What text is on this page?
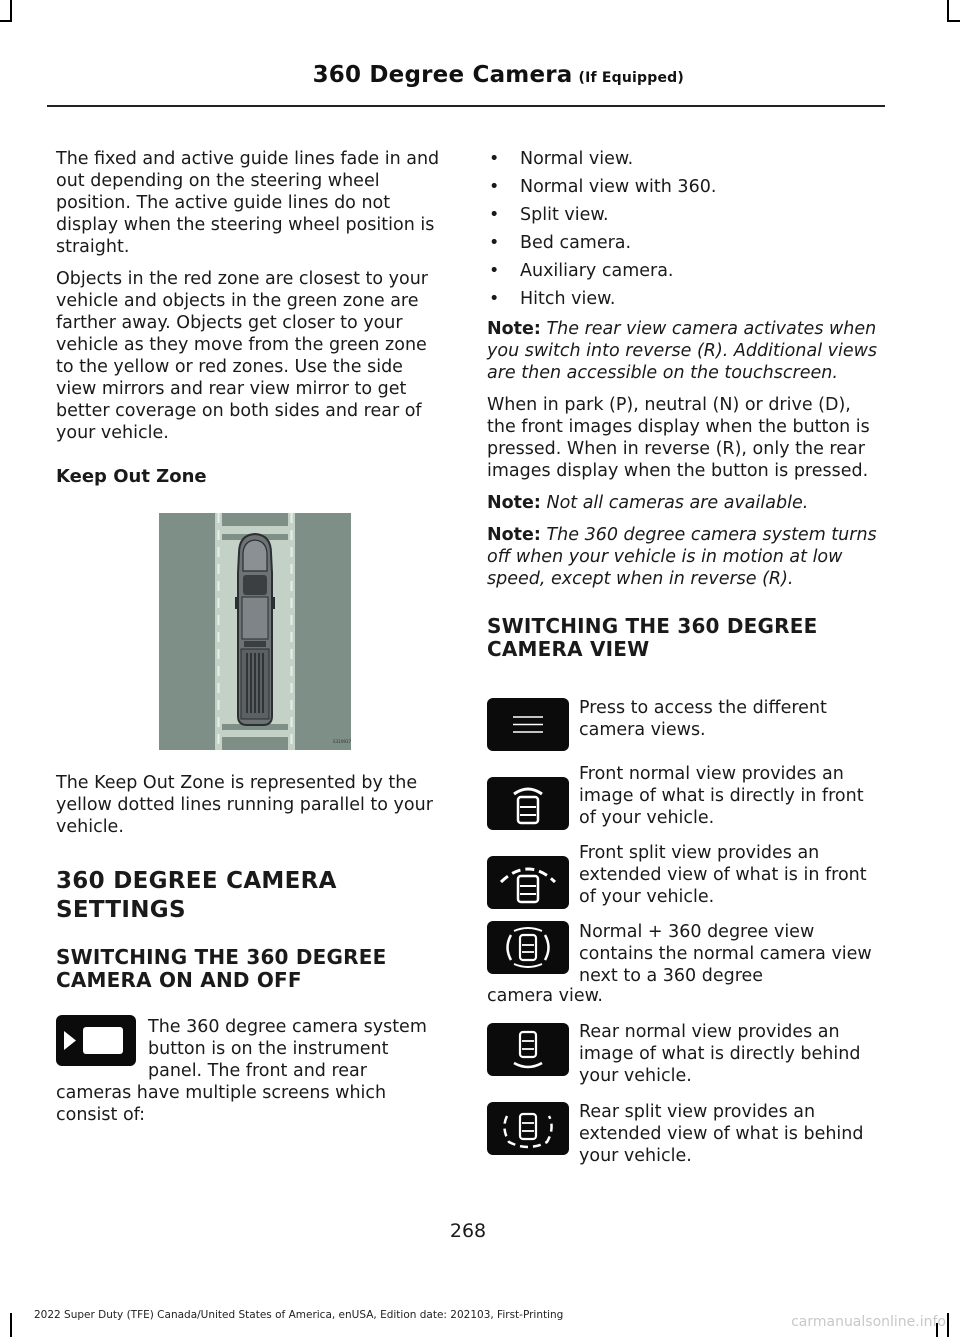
360 Degree Camera (If Equipped)

The fixed and active guide lines fade in and out depending on the steering wheel position. The active guide lines do not display when the steering wheel position is straight.

Objects in the red zone are closest to your vehicle and objects in the green zone are farther away. Objects get closer to your vehicle as they move from the green zone to the yellow or red zones. Use the side view mirrors and rear view mirror to get better coverage on both sides and rear of your vehicle.

Keep Out Zone

E310917

The Keep Out Zone is represented by the yellow dotted lines running parallel to your vehicle.

360 DEGREE CAMERA

SETTINGS

SWITCHING THE 360 DEGREE CAMERA ON AND OFF

The 360 degree camera system button is on the instrument panel. The front and rear
cameras have multiple screens which consist of:
• Normal view.
• Normal view with 360.
• Split view.
• Bed camera.
• Auxiliary camera.
• Hitch view.

Note: The rear view camera activates when you switch into reverse (R). Additional views are then accessible on the touchscreen.

When in park (P), neutral (N) or drive (D), the front images display when the button is pressed. When in reverse (R), only the rear images display when the button is pressed.

Note: Not all cameras are available.

Note: The 360 degree camera system turns off when your vehicle is in motion at low speed, except when in reverse (R).

SWITCHING THE 360 DEGREE CAMERA VIEW

Press to access the different camera views.
Front normal view provides an image of what is directly in front of your vehicle.
Front split view provides an extended view of what is in front of your vehicle.
Normal + 360 degree view contains the normal camera view next to a 360 degree
camera view.
Rear normal view provides an image of what is directly behind your vehicle.
Rear split view provides an extended view of what is behind your vehicle.
268
2022 Super Duty (TFE) Canada/United States of America, enUSA, Edition date: 202103, First-Printing	carmanualsonline.info
